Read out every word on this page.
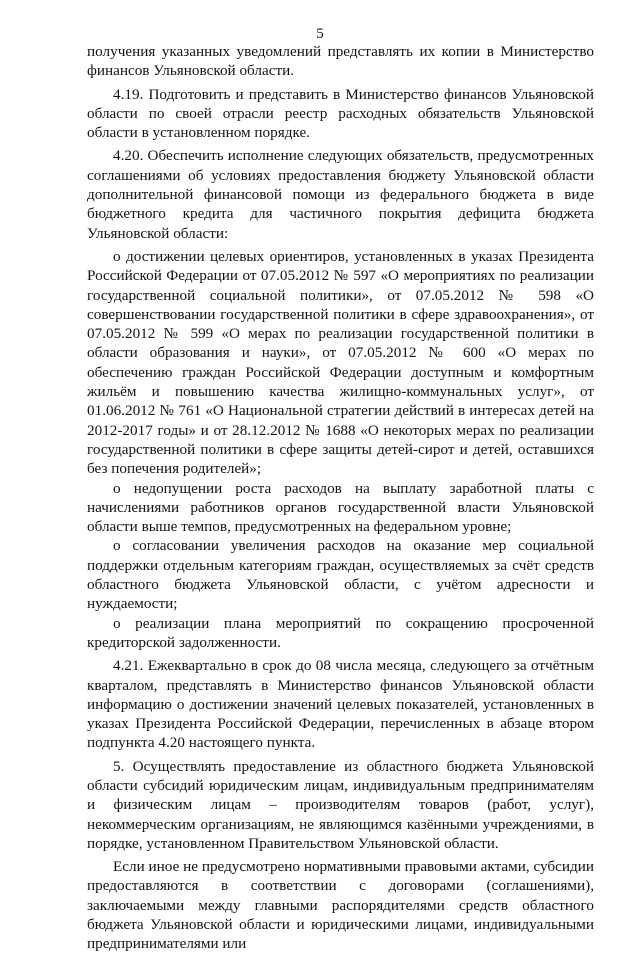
5

получения указанных уведомлений представлять их копии в Министерство финансов Ульяновской области.

4.19. Подготовить и представить в Министерство финансов Ульяновской области по своей отрасли реестр расходных обязательств Ульяновской области в установленном порядке.

4.20. Обеспечить исполнение следующих обязательств, предусмотренных соглашениями об условиях предоставления бюджету Ульяновской области дополнительной финансовой помощи из федерального бюджета в виде бюджетного кредита для частичного покрытия дефицита бюджета Ульяновской области:

о достижении целевых ориентиров, установленных в указах Президента Российской Федерации от 07.05.2012 № 597 «О мероприятиях по реализации государственной социальной политики», от 07.05.2012 № 598 «О совершенствовании государственной политики в сфере здравоохранения», от 07.05.2012 № 599 «О мерах по реализации государственной политики в области образования и науки», от 07.05.2012 № 600 «О мерах по обеспечению граждан Российской Федерации доступным и комфортным жильём и повышению качества жилищно-коммунальных услуг», от 01.06.2012 № 761 «О Национальной стратегии действий в интересах детей на 2012-2017 годы» и от 28.12.2012 № 1688 «О некоторых мерах по реализации государственной политики в сфере защиты детей-сирот и детей, оставшихся без попечения родителей»;

о недопущении роста расходов на выплату заработной платы с начислениями работников органов государственной власти Ульяновской области выше темпов, предусмотренных на федеральном уровне;

о согласовании увеличения расходов на оказание мер социальной поддержки отдельным категориям граждан, осуществляемых за счёт средств областного бюджета Ульяновской области, с учётом адресности и нуждаемости;

о реализации плана мероприятий по сокращению просроченной кредиторской задолженности.

4.21. Ежеквартально в срок до 08 числа месяца, следующего за отчётным кварталом, представлять в Министерство финансов Ульяновской области информацию о достижении значений целевых показателей, установленных в указах Президента Российской Федерации, перечисленных в абзаце втором подпункта 4.20 настоящего пункта.

5. Осуществлять предоставление из областного бюджета Ульяновской области субсидий юридическим лицам, индивидуальным предпринимателям и физическим лицам – производителям товаров (работ, услуг), некоммерческим организациям, не являющимся казёнными учреждениями, в порядке, установленном Правительством Ульяновской области.

Если иное не предусмотрено нормативными правовыми актами, субсидии предоставляются в соответствии с договорами (соглашениями), заключаемыми между главными распорядителями средств областного бюджета Ульяновской области и юридическими лицами, индивидуальными предпринимателями или
